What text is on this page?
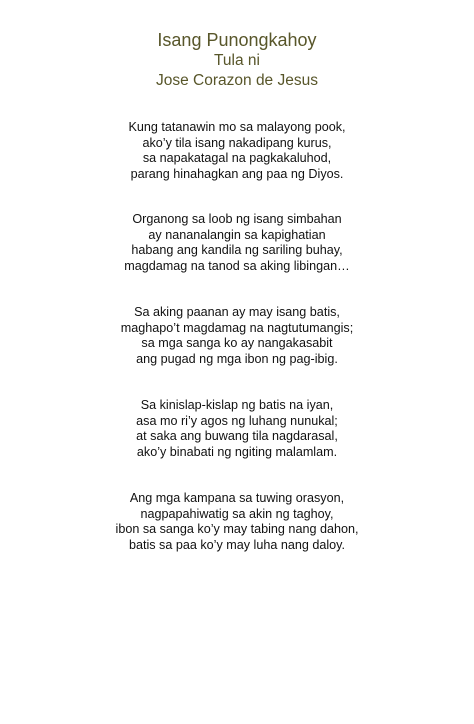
Isang Punongkahoy
Tula ni
Jose Corazon de Jesus
Kung tatanawin mo sa malayong pook,
ako’y tila isang nakadipang kurus,
sa napakatagal na pagkakaluhod,
parang hinahagkan ang paa ng Diyos.
Organong sa loob ng isang simbahan
ay nananalangin sa kapighatian
habang ang kandila ng sariling buhay,
magdamag na tanod sa aking libingan…
Sa aking paanan ay may isang batis,
maghapo’t magdamag na nagtutumangis;
sa mga sanga ko ay nangakasabit
ang pugad ng mga ibon ng pag-ibig.
Sa kinislap-kislap ng batis na iyan,
asa mo ri’y agos ng luhang nunukal;
at saka ang buwang tila nagdarasal,
ako’y binabati ng ngiting malamlam.
Ang mga kampana sa tuwing orasyon,
nagpapahiwatig sa akin ng taghoy,
ibon sa sanga ko’y may tabing nang dahon,
batis sa paa ko’y may luha nang daloy.
